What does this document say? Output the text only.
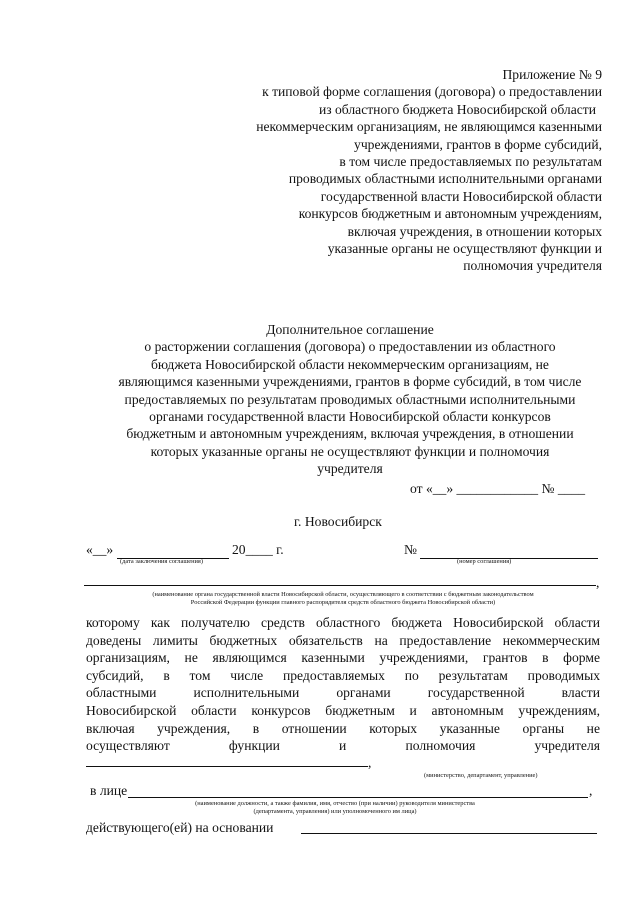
Приложение № 9
к типовой форме соглашения (договора) о предоставлении
из областного бюджета Новосибирской области
некоммерческим организациям, не являющимся казенными
учреждениями, грантов в форме субсидий,
в том числе предоставляемых по результатам
проводимых областными исполнительными органами
государственной власти Новосибирской области
конкурсов бюджетным и автономным учреждениям,
включая учреждения, в отношении которых
указанные органы не осуществляют функции и
полномочия учредителя
Дополнительное соглашение
о расторжении соглашения (договора) о предоставлении из областного
бюджета Новосибирской области некоммерческим организациям, не
являющимся казенными учреждениями, грантов в форме субсидий, в том числе
предоставляемых по результатам проводимых областными исполнительными
органами государственной власти Новосибирской области конкурсов
бюджетным и автономным учреждениям, включая учреждения, в отношении
которых указанные органы не осуществляют функции и полномочия
учредителя
от «__» ____________ № ____
г. Новосибирск
«__»	20____ г.	№
(дата заключения соглашения)	(номер соглашения)
,
(наименование органа государственной власти Новосибирской области, осуществляющего в соответствии с бюджетным законодательством
Российской Федерации функции главного распорядителя средств областного бюджета Новосибирской области)
которому как получателю средств областного бюджета Новосибирской области
доведены лимиты бюджетных обязательств на предоставление некоммерческим
организациям, не являющимся казенными учреждениями, грантов в форме
субсидий, в том числе предоставляемых по результатам проводимых
областными исполнительными органами государственной власти
Новосибирской области конкурсов бюджетным и автономным учреждениям,
включая учреждения, в отношении которых указанные органы не
осуществляют функции и полномочия учредителя
,
(министерство, департамент, управление)
в лице	,
(наименование должности, а также фамилия, имя, отчество (при наличии) руководителя министерства
(департамента, управления) или уполномоченного им лица)
действующего(ей) на основании
